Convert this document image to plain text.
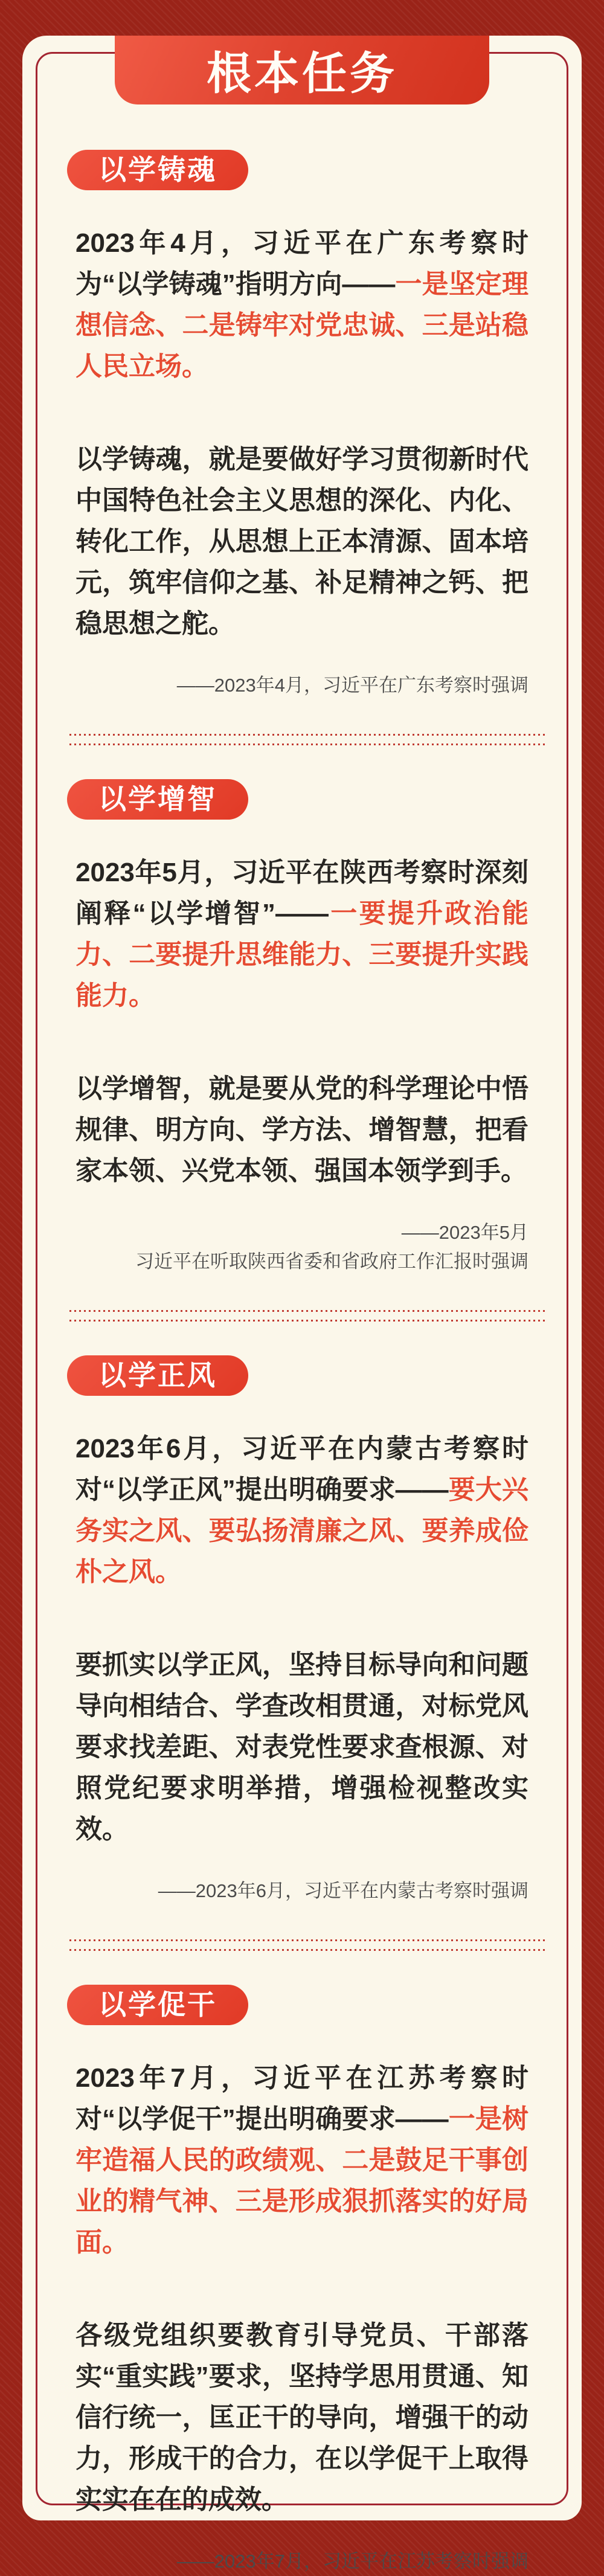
根本任务
以学铸魂

2023年4月，习近平在广东考察时为“以学铸魂”指明方向——一是坚定理想信念、二是铸牢对党忠诚、三是站稳人民立场。

以学铸魂，就是要做好学习贯彻新时代中国特色社会主义思想的深化、内化、转化工作，从思想上正本清源、固本培元，筑牢信仰之基、补足精神之钙、把稳思想之舵。

——2023年4月，习近平在广东考察时强调
以学增智

2023年5月，习近平在陕西考察时深刻阐释“以学增智”——一要提升政治能力、二要提升思维能力、三要提升实践能力。

以学增智，就是要从党的科学理论中悟规律、明方向、学方法、增智慧，把看家本领、兴党本领、强国本领学到手。

——2023年5月
习近平在听取陕西省委和省政府工作汇报时强调
以学正风

2023年6月，习近平在内蒙古考察时对“以学正风”提出明确要求——要大兴务实之风、要弘扬清廉之风、要养成俭朴之风。

要抓实以学正风，坚持目标导向和问题导向相结合、学查改相贯通，对标党风要求找差距、对表党性要求查根源、对照党纪要求明举措，增强检视整改实效。

——2023年6月，习近平在内蒙古考察时强调
以学促干

2023年7月，习近平在江苏考察时对“以学促干”提出明确要求——一是树牢造福人民的政绩观、二是鼓足干事创业的精气神、三是形成狠抓落实的好局面。

各级党组织要教育引导党员、干部落实“重实践”要求，坚持学思用贯通、知信行统一，匡正干的导向，增强干的动力，形成干的合力，在以学促干上取得实实在在的成效。

——2023年7月，习近平在江苏考察时强调
